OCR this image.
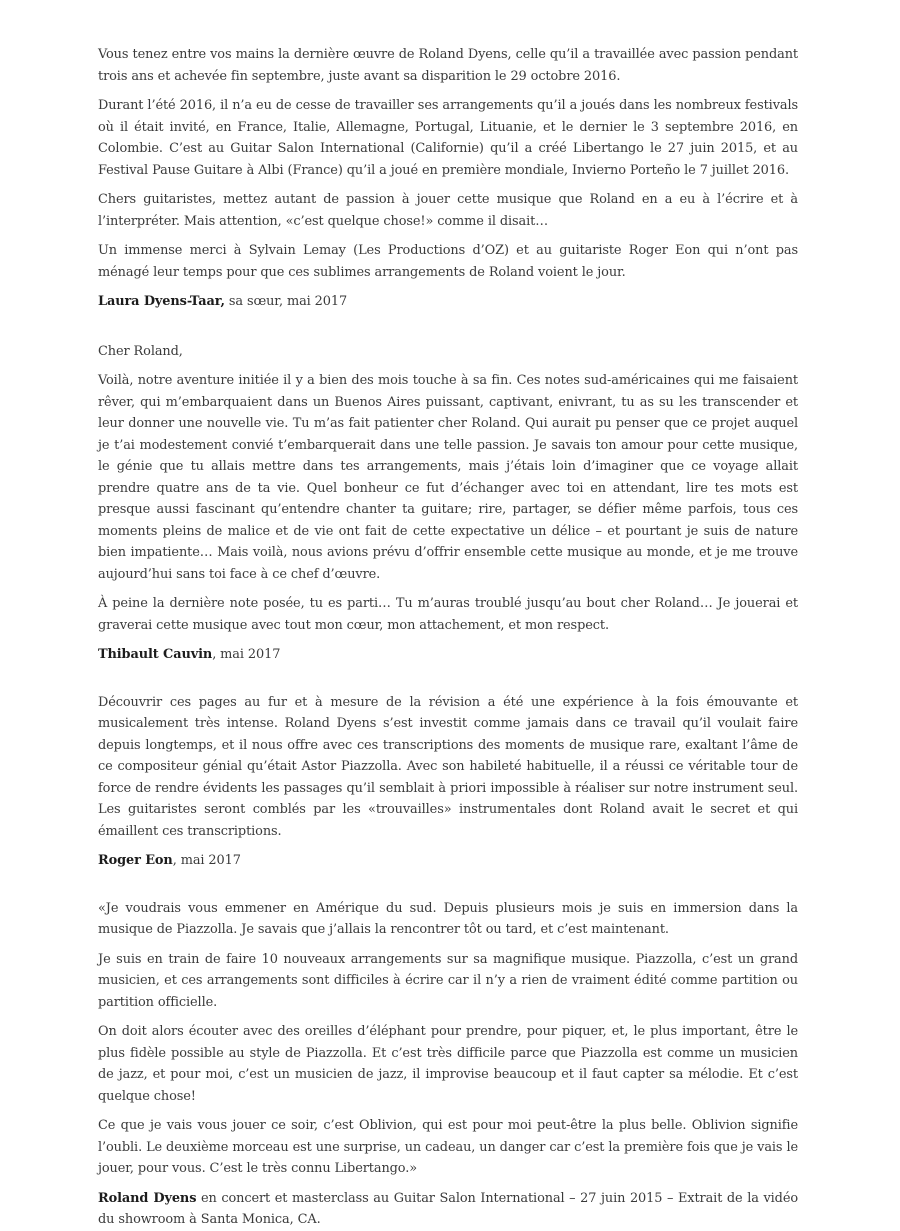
Vous tenez entre vos mains la dernière œuvre de Roland Dyens, celle qu’il a travaillée avec passion pendant trois ans et achevée fin septembre, juste avant sa disparition le 29 octobre 2016.

Durant l’été 2016, il n’a eu de cesse de travailler ses arrangements qu’il a joués dans les nombreux festivals où il était invité, en France, Italie, Allemagne, Portugal, Lituanie, et le dernier le 3 septembre 2016, en Colombie. C’est au Guitar Salon International (Californie) qu’il a créé Libertango le 27 juin 2015, et au Festival Pause Guitare à Albi (France) qu’il a joué en première mondiale, Invierno Porteño le 7 juillet 2016.

Chers guitaristes, mettez autant de passion à jouer cette musique que Roland en a eu à l’écrire et à l’interpréter. Mais attention, «c’est quelque chose!» comme il disait…

Un immense merci à Sylvain Lemay (Les Productions d’OZ) et au guitariste Roger Eon qui n’ont pas ménagé leur temps pour que ces sublimes arrangements de Roland voient le jour.

Laura Dyens-Taar, sa sœur, mai 2017

Cher Roland,

Voilà, notre aventure initiée il y a bien des mois touche à sa fin. Ces notes sud-américaines qui me faisaient rêver, qui m’embarquaient dans un Buenos Aires puissant, captivant, enivrant, tu as su les transcender et leur donner une nouvelle vie. Tu m’as fait patienter cher Roland. Qui aurait pu penser que ce projet auquel je t’ai modestement convié t’embarquerait dans une telle passion. Je savais ton amour pour cette musique, le génie que tu allais mettre dans tes arrangements, mais j’étais loin d’imaginer que ce voyage allait prendre quatre ans de ta vie. Quel bonheur ce fut d’échanger avec toi en attendant, lire tes mots est presque aussi fascinant qu’entendre chanter ta guitare; rire, partager, se défier même parfois, tous ces moments pleins de malice et de vie ont fait de cette expectative un délice – et pourtant je suis de nature bien impatiente… Mais voilà, nous avions prévu d’offrir ensemble cette musique au monde, et je me trouve aujourd’hui sans toi face à ce chef d’œuvre.

À peine la dernière note posée, tu es parti… Tu m’auras troublé jusqu’au bout cher Roland… Je jouerai et graverai cette musique avec tout mon cœur, mon attachement, et mon respect.

Thibault Cauvin, mai 2017

Découvrir ces pages au fur et à mesure de la révision a été une expérience à la fois émouvante et musicalement très intense. Roland Dyens s’est investit comme jamais dans ce travail qu’il voulait faire depuis longtemps, et il nous offre avec ces transcriptions des moments de musique rare, exaltant l’âme de ce compositeur génial qu’était Astor Piazzolla. Avec son habileté habituelle, il a réussi ce véritable tour de force de rendre évidents les passages qu’il semblait à priori impossible à réaliser sur notre instrument seul. Les guitaristes seront comblés par les «trouvailles» instrumentales dont Roland avait le secret et qui émaillent ces transcriptions.

Roger Eon, mai 2017

«Je voudrais vous emmener en Amérique du sud. Depuis plusieurs mois je suis en immersion dans la musique de Piazzolla. Je savais que j’allais la rencontrer tôt ou tard, et c’est maintenant.

Je suis en train de faire 10 nouveaux arrangements sur sa magnifique musique. Piazzolla, c’est un grand musicien, et ces arrangements sont difficiles à écrire car il n’y a rien de vraiment édité comme partition ou partition officielle.

On doit alors écouter avec des oreilles d’éléphant pour prendre, pour piquer, et, le plus important, être le plus fidèle possible au style de Piazzolla. Et c’est très difficile parce que Piazzolla est comme un musicien de jazz, et pour moi, c’est un musicien de jazz, il improvise beaucoup et il faut capter sa mélodie. Et c’est quelque chose!

Ce que je vais vous jouer ce soir, c’est Oblivion, qui est pour moi peut-être la plus belle. Oblivion signifie l’oubli. Le deuxième morceau est une surprise, un cadeau, un danger car c’est la première fois que je vais le jouer, pour vous. C’est le très connu Libertango.»

Roland Dyens en concert et masterclass au Guitar Salon International – 27 juin 2015 – Extrait de la vidéo du showroom à Santa Monica, CA.
